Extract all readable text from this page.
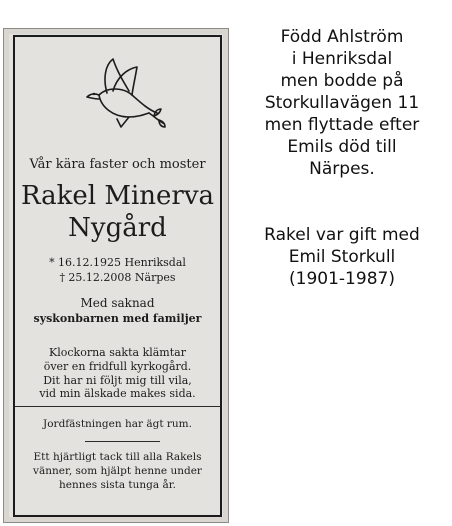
Vår kära faster och moster
Rakel Minerva
Nygård
* 16.12.1925 Henriksdal
† 25.12.2008 Närpes
Med saknad
syskonbarnen med familjer
Klockorna sakta klämtar
över en fridfull kyrkogård.
Dit har ni följt mig till vila,
vid min älskade makes sida.
Jordfästningen har ägt rum.
Ett hjärtligt tack till alla Rakels
vänner, som hjälpt henne under
hennes sista tunga år.

Född Ahlström
i Henriksdal
men bodde på
Storkullavägen 11
men flyttade efter
Emils död till
Närpes.

Rakel var gift med
Emil Storkull
(1901-1987)
